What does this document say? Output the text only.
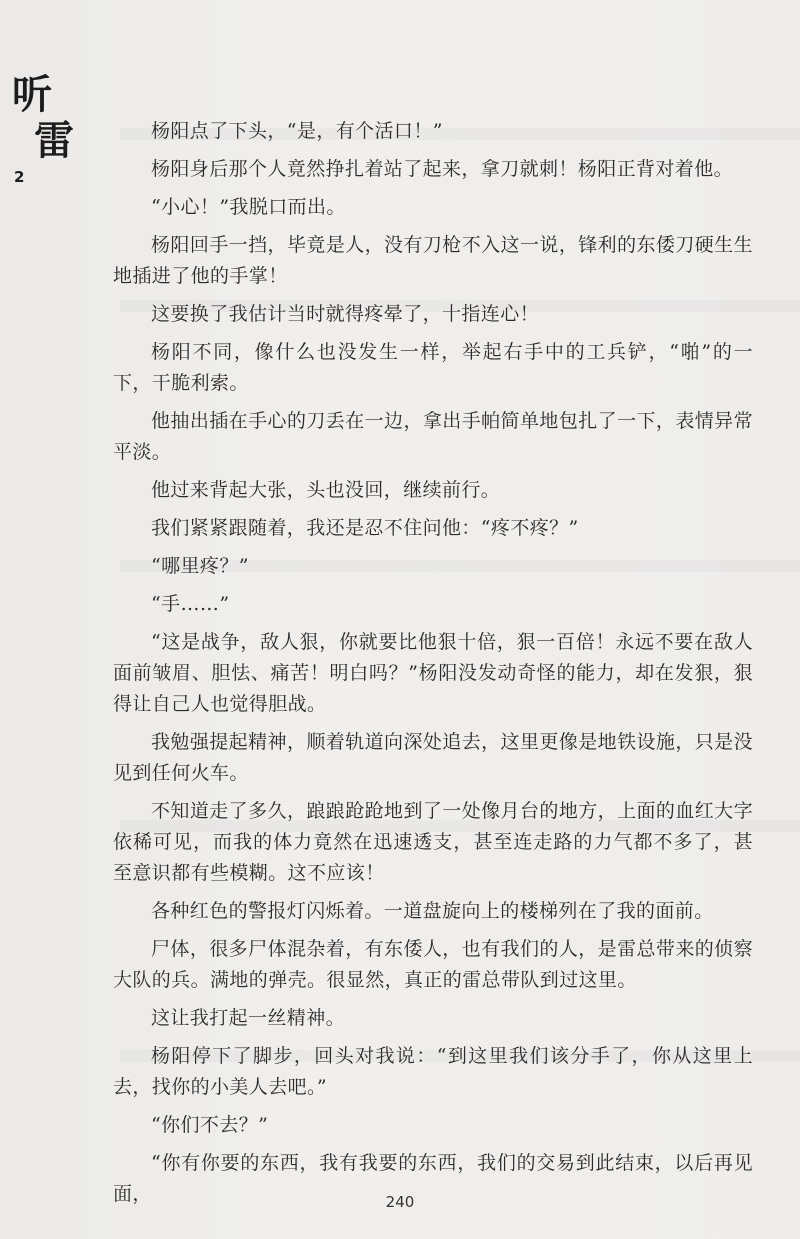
听
雷
2

杨阳点了下头，“是，有个活口！”

杨阳身后那个人竟然挣扎着站了起来，拿刀就刺！杨阳正背对着他。

“小心！”我脱口而出。

杨阳回手一挡，毕竟是人，没有刀枪不入这一说，锋利的东倭刀硬生生地插进了他的手掌！

这要换了我估计当时就得疼晕了，十指连心！

杨阳不同，像什么也没发生一样，举起右手中的工兵铲，“啪”的一下，干脆利索。

他抽出插在手心的刀丢在一边，拿出手帕简单地包扎了一下，表情异常平淡。

他过来背起大张，头也没回，继续前行。

我们紧紧跟随着，我还是忍不住问他：“疼不疼？”

“哪里疼？”

“手……”

“这是战争，敌人狠，你就要比他狠十倍，狠一百倍！永远不要在敌人面前皱眉、胆怯、痛苦！明白吗？”杨阳没发动奇怪的能力，却在发狠，狠得让自己人也觉得胆战。

我勉强提起精神，顺着轨道向深处追去，这里更像是地铁设施，只是没见到任何火车。

不知道走了多久，踉踉跄跄地到了一处像月台的地方，上面的血红大字依稀可见，而我的体力竟然在迅速透支，甚至连走路的力气都不多了，甚至意识都有些模糊。这不应该！

各种红色的警报灯闪烁着。一道盘旋向上的楼梯列在了我的面前。

尸体，很多尸体混杂着，有东倭人，也有我们的人，是雷总带来的侦察大队的兵。满地的弹壳。很显然，真正的雷总带队到过这里。

这让我打起一丝精神。

杨阳停下了脚步，回头对我说：“到这里我们该分手了，你从这里上去，找你的小美人去吧。”

“你们不去？”

“你有你要的东西，我有我要的东西，我们的交易到此结束，以后再见面，	240
